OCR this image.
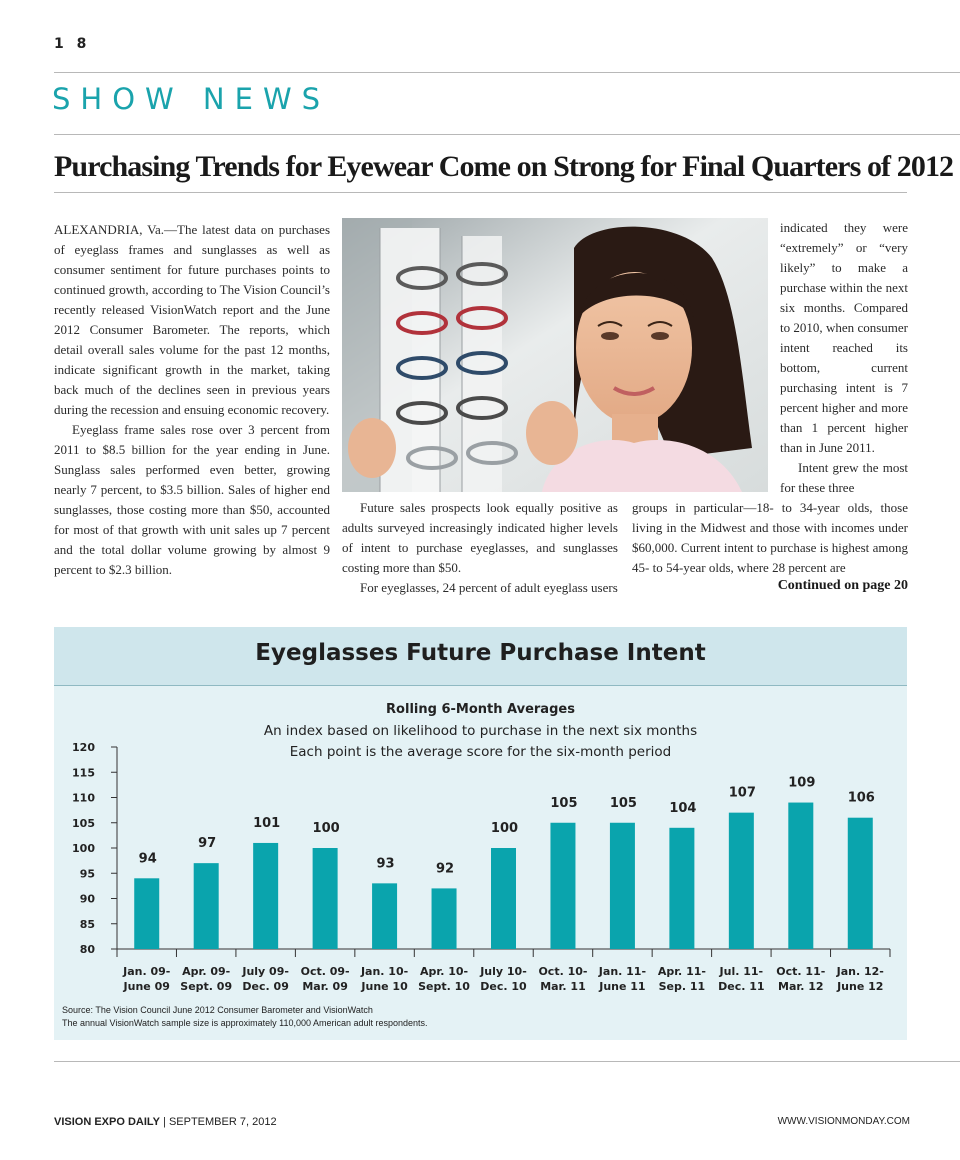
1 8
SHOW NEWS
Purchasing Trends for Eyewear Come on Strong for Final Quarters of 2012

ALEXANDRIA, Va.—The latest data on purchases of eyeglass frames and sunglasses as well as consumer sentiment for future purchases points to continued growth, according to The Vision Council’s recently released VisionWatch report and the June 2012 Consumer Barometer. The reports, which detail overall sales volume for the past 12 months, indicate significant growth in the market, taking back much of the declines seen in previous years during the recession and ensuing economic recovery.

Eyeglass frame sales rose over 3 percent from 2011 to $8.5 billion for the year ending in June. Sunglass sales performed even better, growing nearly 7 percent, to $3.5 billion. Sales of higher end sunglasses, those costing more than $50, accounted for most of that growth with unit sales up 7 percent and the total dollar volume growing by almost 9 percent to $2.3 billion.

indicated they were “extremely” or “very likely” to make a purchase within the next six months. Compared to 2010, when consumer intent reached its bottom, current purchasing intent is 7 percent higher and more than 1 percent higher than in June 2011.

Intent grew the most for these three

Future sales prospects look equally positive as adults surveyed increasingly indicated higher levels of intent to purchase eyeglasses, and sunglasses costing more than $50.

For eyeglasses, 24 percent of adult eyeglass users

groups in particular—18- to 34-year olds, those living in the Midwest and those with incomes under $60,000. Current intent to purchase is highest among 45- to 54-year olds, where 28 percent are

Continued on page 20
Eyeglasses Future Purchase Intent
Rolling 6-Month Averages
An index based on likelihood to purchase in the next six months
Each point is the average score for the six-month period
80
85
90
95
100
105
110
115
120
94
Jan. 09-
June 09
97
Apr. 09-
Sept. 09
101
July 09-
Dec. 09
100
Oct. 09-
Mar. 09
93
Jan. 10-
June 10
92
Apr. 10-
Sept. 10
100
July 10-
Dec. 10
105
Oct. 10-
Mar. 11
105
Jan. 11-
June 11
104
Apr. 11-
Sep. 11
107
Jul. 11-
Dec. 11
109
Oct. 11-
Mar. 12
106
Jan. 12-
June 12
Source: The Vision Council June 2012 Consumer Barometer and VisionWatch
The annual VisionWatch sample size is approximately 110,000 American adult respondents.
VISION EXPO DAILY | SEPTEMBER 7, 2012	WWW.VISIONMONDAY.COM
